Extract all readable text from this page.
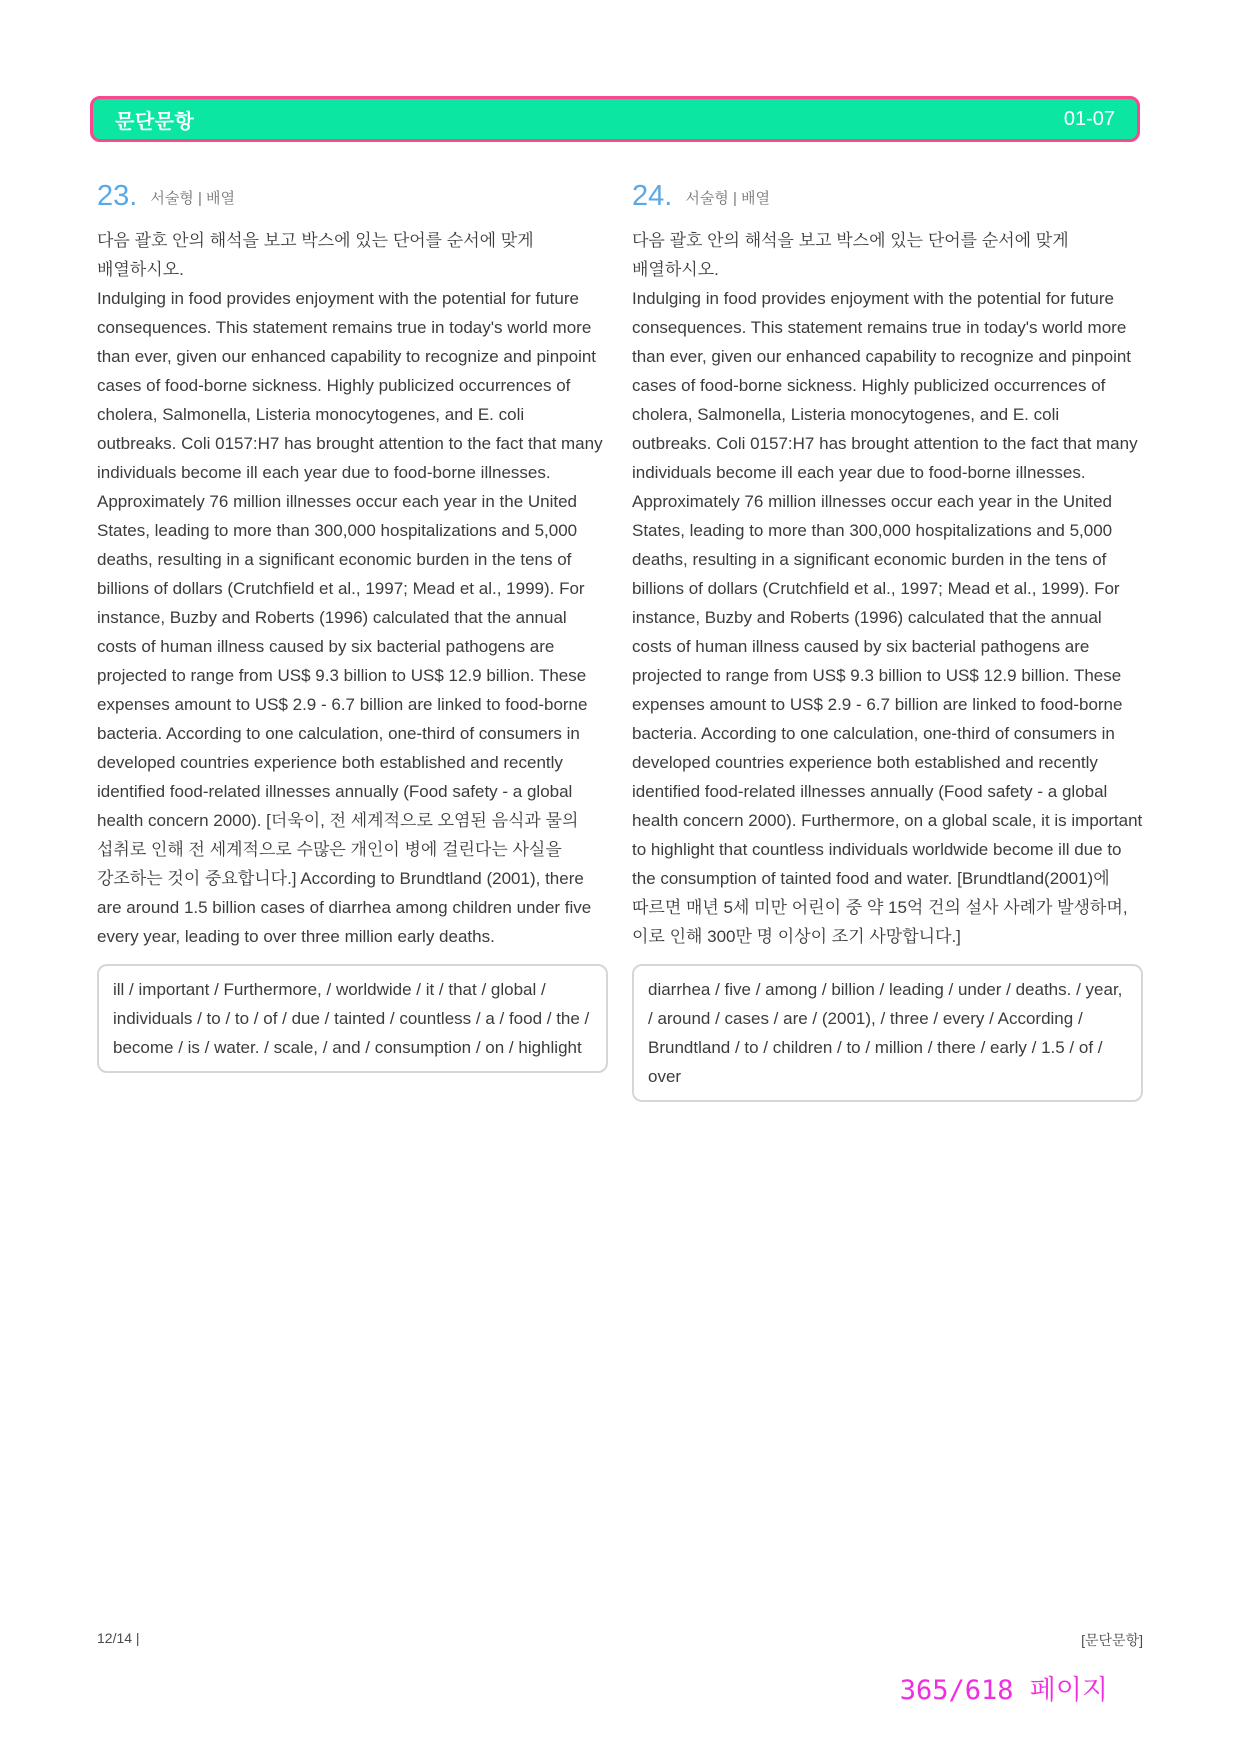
문단문항	01-07
23. 서술형 | 배열

다음 괄호 안의 해석을 보고 박스에 있는 단어를 순서에 맞게 배열하시오.

Indulging in food provides enjoyment with the potential for future consequences. This statement remains true in today's world more than ever, given our enhanced capability to recognize and pinpoint cases of food-borne sickness. Highly publicized occurrences of cholera, Salmonella, Listeria monocytogenes, and E. coli outbreaks. Coli 0157:H7 has brought attention to the fact that many individuals become ill each year due to food-borne illnesses. Approximately 76 million illnesses occur each year in the United States, leading to more than 300,000 hospitalizations and 5,000 deaths, resulting in a significant economic burden in the tens of billions of dollars (Crutchfield et al., 1997; Mead et al., 1999). For instance, Buzby and Roberts (1996) calculated that the annual costs of human illness caused by six bacterial pathogens are projected to range from US$ 9.3 billion to US$ 12.9 billion. These expenses amount to US$ 2.9 - 6.7 billion are linked to food-borne bacteria. According to one calculation, one-third of consumers in developed countries experience both established and recently identified food-related illnesses annually (Food safety - a global health concern 2000). [더욱이, 전 세계적으로 오염된 음식과 물의 섭취로 인해 전 세계적으로 수많은 개인이 병에 걸린다는 사실을 강조하는 것이 중요합니다.] According to Brundtland (2001), there are around 1.5 billion cases of diarrhea among children under five every year, leading to over three million early deaths.

ill / important / Furthermore, / worldwide / it / that / global / individuals / to / to / of / due / tainted / countless / a / food / the / become / is / water. / scale, / and / consumption / on / highlight
24. 서술형 | 배열

다음 괄호 안의 해석을 보고 박스에 있는 단어를 순서에 맞게 배열하시오.

Indulging in food provides enjoyment with the potential for future consequences. This statement remains true in today's world more than ever, given our enhanced capability to recognize and pinpoint cases of food-borne sickness. Highly publicized occurrences of cholera, Salmonella, Listeria monocytogenes, and E. coli outbreaks. Coli 0157:H7 has brought attention to the fact that many individuals become ill each year due to food-borne illnesses. Approximately 76 million illnesses occur each year in the United States, leading to more than 300,000 hospitalizations and 5,000 deaths, resulting in a significant economic burden in the tens of billions of dollars (Crutchfield et al., 1997; Mead et al., 1999). For instance, Buzby and Roberts (1996) calculated that the annual costs of human illness caused by six bacterial pathogens are projected to range from US$ 9.3 billion to US$ 12.9 billion. These expenses amount to US$ 2.9 - 6.7 billion are linked to food-borne bacteria. According to one calculation, one-third of consumers in developed countries experience both established and recently identified food-related illnesses annually (Food safety - a global health concern 2000). Furthermore, on a global scale, it is important to highlight that countless individuals worldwide become ill due to the consumption of tainted food and water. [Brundtland(2001)에 따르면 매년 5세 미만 어린이 중 약 15억 건의 설사 사례가 발생하며, 이로 인해 300만 명 이상이 조기 사망합니다.]

diarrhea / five / among / billion / leading / under / deaths. / year, / around / cases / are / (2001), / three / every / According / Brundtland / to / children / to / million / there / early / 1.5 / of / over
12/14 |	[문단문항]
365/618 페이지
